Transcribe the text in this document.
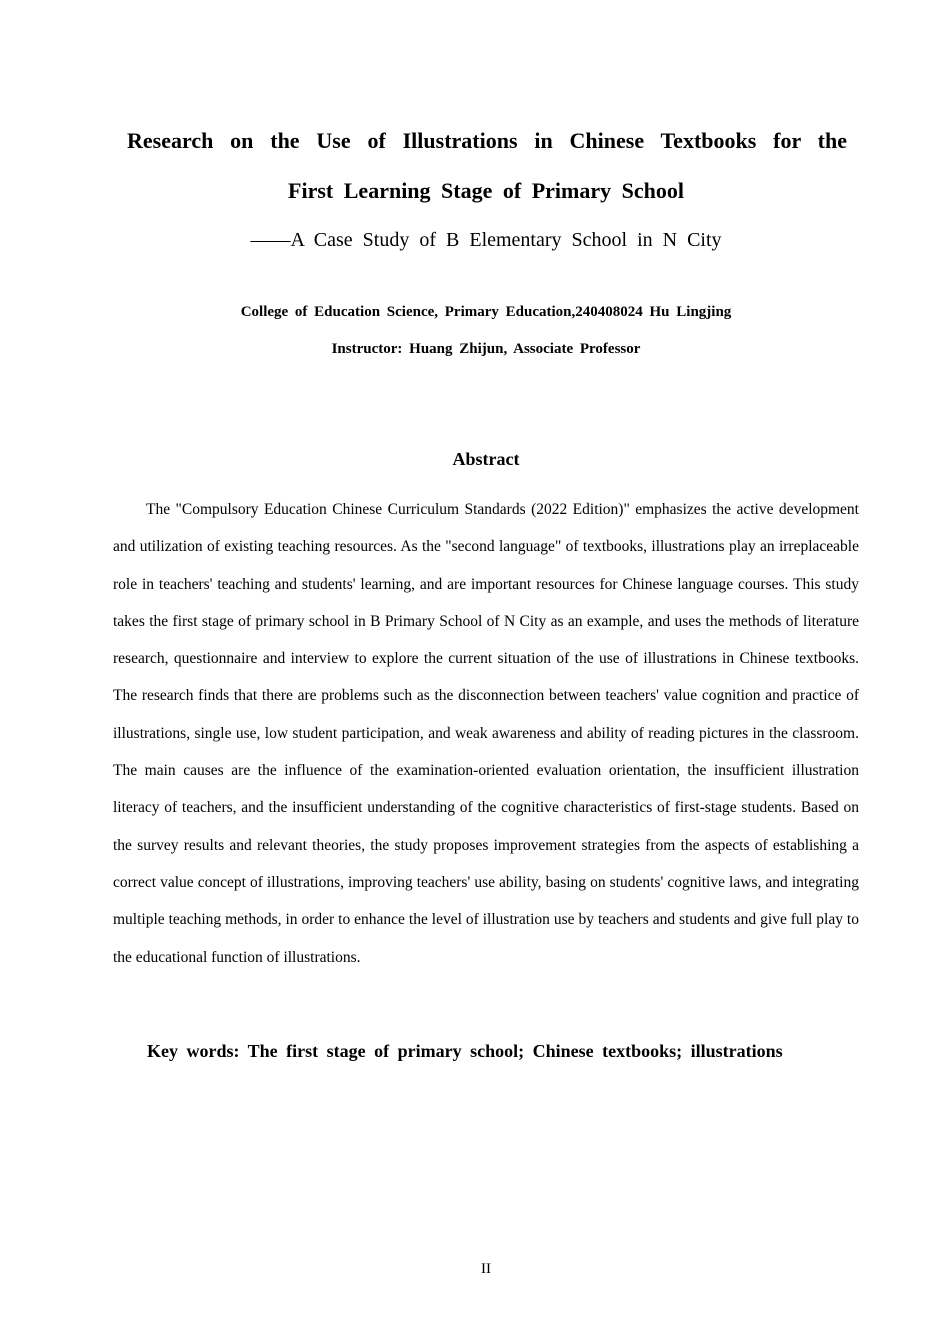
Research on the Use of Illustrations in Chinese Textbooks for the
First Learning Stage of Primary School
——A Case Study of B Elementary School in N City
College of Education Science, Primary Education,240408024 Hu Lingjing
Instructor: Huang Zhijun, Associate Professor
Abstract

The "Compulsory Education Chinese Curriculum Standards (2022 Edition)" emphasizes the active development and utilization of existing teaching resources. As the "second language" of textbooks, illustrations play an irreplaceable role in teachers' teaching and students' learning, and are important resources for Chinese language courses. This study takes the first stage of primary school in B Primary School of N City as an example, and uses the methods of literature research, questionnaire and interview to explore the current situation of the use of illustrations in Chinese textbooks. The research finds that there are problems such as the disconnection between teachers' value cognition and practice of illustrations, single use, low student participation, and weak awareness and ability of reading pictures in the classroom. The main causes are the influence of the examination-oriented evaluation orientation, the insufficient illustration literacy of teachers, and the insufficient understanding of the cognitive characteristics of first-stage students. Based on the survey results and relevant theories, the study proposes improvement strategies from the aspects of establishing a correct value concept of illustrations, improving teachers' use ability, basing on students' cognitive laws, and integrating multiple teaching methods, in order to enhance the level of illustration use by teachers and students and give full play to the educational function of illustrations.

Key words: The first stage of primary school; Chinese textbooks; illustrations
II
